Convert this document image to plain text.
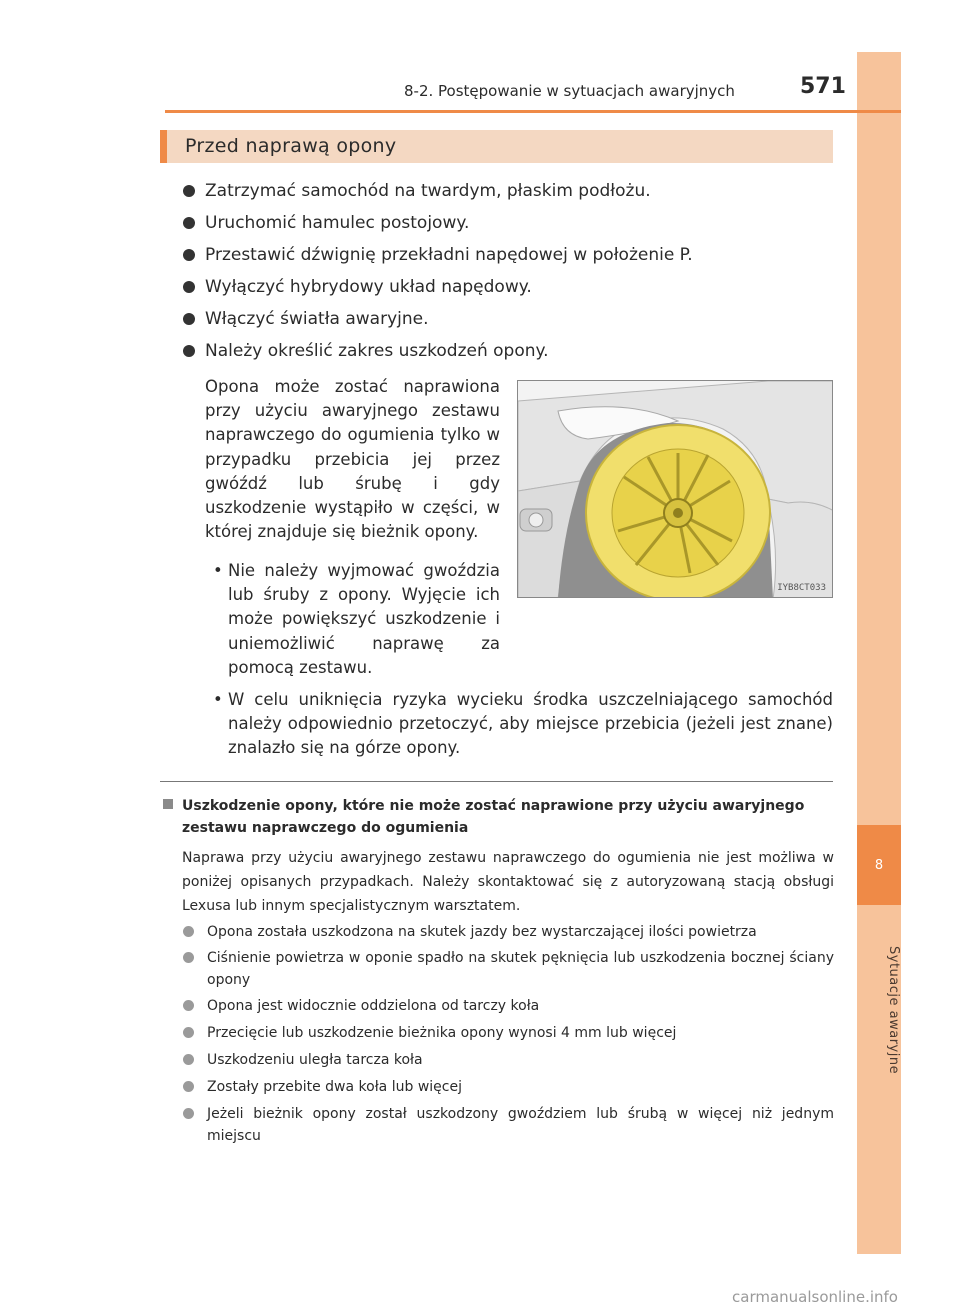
8
Sytuacje awaryjne
8-2. Postępowanie w sytuacjach awaryjnych	571
Przed naprawą opony
Zatrzymać samochód na twardym, płaskim podłożu.
Uruchomić hamulec postojowy.
Przestawić dźwignię przekładni napędowej w położenie P.
Wyłączyć hybrydowy układ napędowy.
Włączyć światła awaryjne.
Należy określić zakres uszkodzeń opony.
Opona może zostać naprawiona przy użyciu awaryjnego zestawu naprawczego do ogumienia tylko w przypadku przebicia jej przez gwóźdź lub śrubę i gdy uszkodzenie wystąpiło w części, w której znajduje się bieżnik opony.
• Nie należy wyjmować gwoździa lub śruby z opony. Wyjęcie ich może powiększyć uszkodzenie i uniemożliwić naprawę za pomocą zestawu.
• W celu uniknięcia ryzyka wycieku środka uszczelniającego samochód należy odpowiednio przetoczyć, aby miejsce przebicia (jeżeli jest znane) znalazło się na górze opony.
IYB8CT033
Uszkodzenie opony, które nie może zostać naprawione przy użyciu awaryjnego zestawu naprawczego do ogumienia
Naprawa przy użyciu awaryjnego zestawu naprawczego do ogumienia nie jest możliwa w poniżej opisanych przypadkach. Należy skontaktować się z autoryzowaną stacją obsługi Lexusa lub innym specjalistycznym warsztatem.
Opona została uszkodzona na skutek jazdy bez wystarczającej ilości powietrza
Ciśnienie powietrza w oponie spadło na skutek pęknięcia lub uszkodzenia bocznej ściany opony
Opona jest widocznie oddzielona od tarczy koła
Przecięcie lub uszkodzenie bieżnika opony wynosi 4 mm lub więcej
Uszkodzeniu uległa tarcza koła
Zostały przebite dwa koła lub więcej
Jeżeli bieżnik opony został uszkodzony gwoździem lub śrubą w więcej niż jednym miejscu
carmanualsonline.info
